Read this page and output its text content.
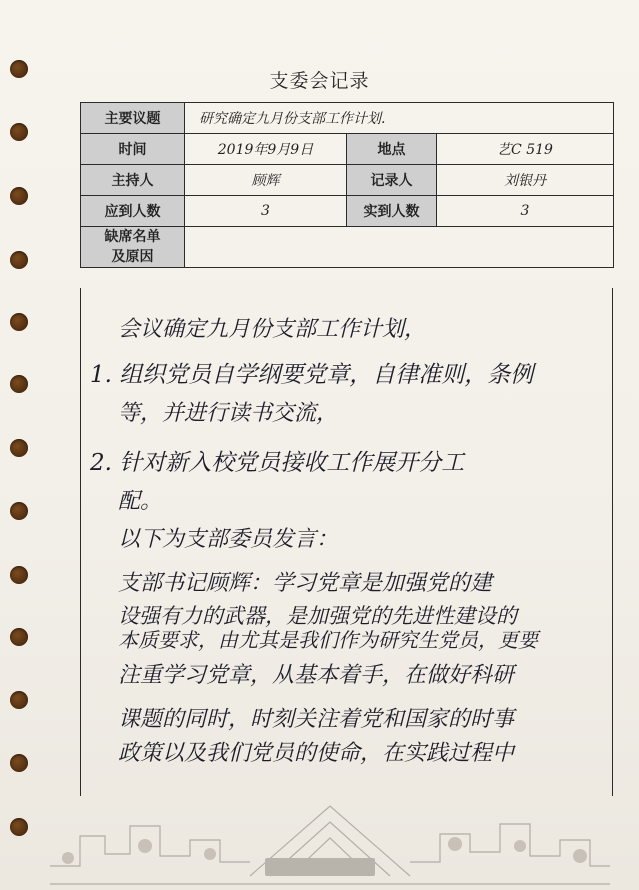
支委会记录
主要议题	研究确定九月份支部工作计划.		
时间	2019年9月9日	地点	艺C 519
主持人	顾辉	记录人	刘银丹
应到人数	3	实到人数	3
缺席名单
及原因			
会议确定九月份支部工作计划，
1. 组织党员自学纲要党章，自律准则，条例
等，并进行读书交流，
2. 针对新入校党员接收工作展开分工
配。
以下为支部委员发言：
支部书记顾辉：学习党章是加强党的建
设强有力的武器，是加强党的先进性建设的
本质要求，由尤其是我们作为研究生党员，更要
注重学习党章，从基本着手，在做好科研
课题的同时，时刻关注着党和国家的时事
政策以及我们党员的使命，在实践过程中
